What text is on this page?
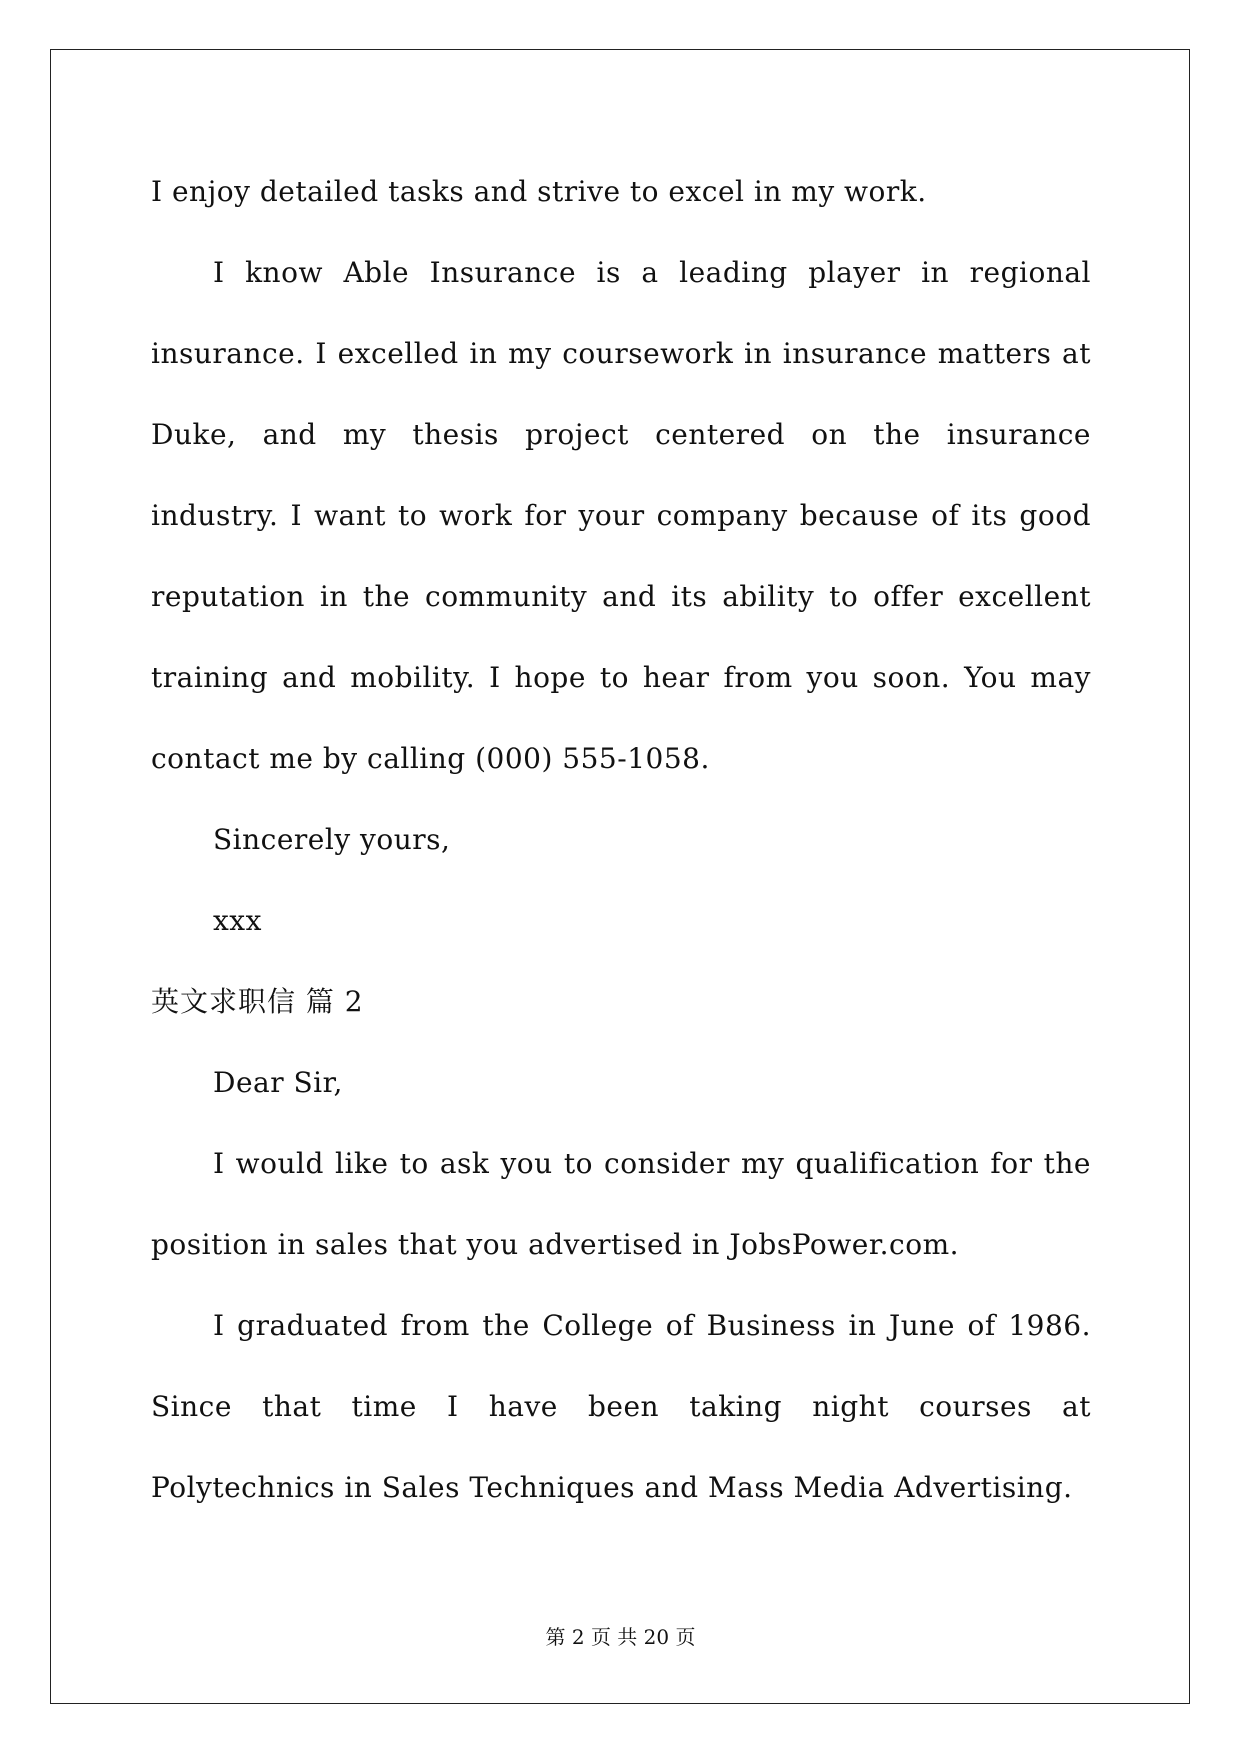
I enjoy detailed tasks and strive to excel in my work.

I know Able Insurance is a leading player in regional insurance. I excelled in my coursework in insurance matters at Duke, and my thesis project centered on the insurance industry. I want to work for your company because of its good reputation in the community and its ability to offer excellent training and mobility. I hope to hear from you soon. You may contact me by calling (000) 555-1058.

Sincerely yours,

xxx

英文求职信 篇 2

Dear Sir,

I would like to ask you to consider my qualification for the position in sales that you advertised in JobsPower.com.

I graduated from the College of Business in June of 1986. Since that time I have been taking night courses at Polytechnics in Sales Techniques and Mass Media Advertising.

第 2 页 共 20 页
